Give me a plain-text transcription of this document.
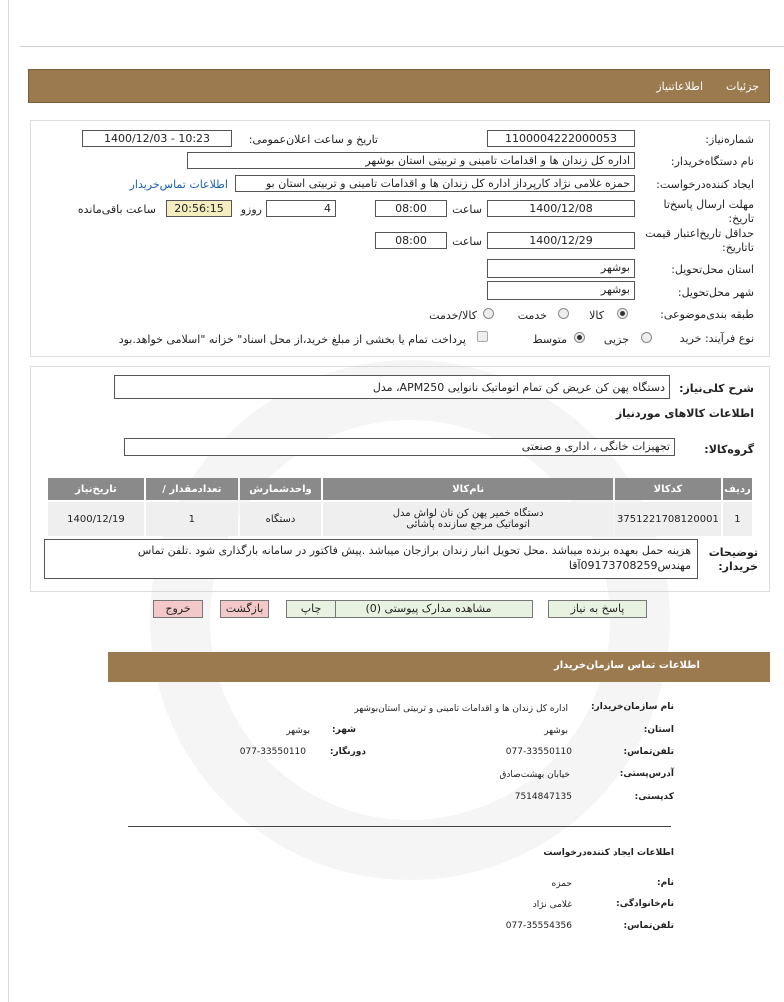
جزئیات
اطلاعاتنیاز
شماره‌نیاز:
1100004222000053
تاریخ و ساعت اعلان‌عمومی:
1400/12/03 - 10:23
نام دستگاه‌خریدار:
اداره کل زندان ها و اقدامات تامینی و تربیتی استان بوشهر
ایجاد کننده‌درخواست:
حمزه غلامی نژاد کارپرداز اداره کل زندان ها و اقدامات تامینی و تربیتی استان بو
اطلاعات تماس‌خریدار
مهلت ارسال پاسخ‌تا تاریخ:
1400/12/08
ساعت
08:00
4
روزو
20:56:15
ساعت باقی‌مانده
حداقل تاریخ‌اعتبار قیمت تا‌تاریخ:
1400/12/29
ساعت
08:00
استان محل‌تحویل:
بوشهر
شهر محل‌تحویل:
بوشهر
طبقه بندی‌موضوعی:
کالا
خدمت
کالا/خدمت
نوع فرآیند: خرید
جزیی
متوسط
پرداخت تمام یا بخشی از مبلغ خرید،از محل اسناد" خزانه "اسلامی خواهد.بود
شرح کلی‌نیاز:
دستگاه پهن کن عریض کن تمام اتوماتیک نانوایی APM250، مدل
اطلاعات کالاهای موردنیاز
گروه‌کالا:
تجهیزات خانگی ، اداری و صنعتی
ردیف	کدکالا	نام‌کالا	واحدشمارش	تعدادمقدار /	تاریخ‌نیاز
1	3751221708120001	دستگاه خمیر پهن کن نان لواش مدل اتوماتیک مرجع سازنده پاشائی	دستگاه	1	1400/12/19
توضیحات خریدار:
هزینه حمل بعهده برنده میباشد .محل تحویل انبار زندان برازجان میباشد .پیش فاکتور در سامانه بارگذاری شود .تلفن تماس مهندس09173708259آقا
پاسخ به نیاز
مشاهده مدارک پیوستی (0)
چاپ
بازگشت
خروج
اطلاعات تماس سازمان‌خریدار
نام سازمان‌خریدار:
اداره کل زندان ها و اقدامات تامینی و تربیتی استان‌بوشهر
استان:
بوشهر
شهر:
بوشهر
تلفن‌تماس:
077-33550110
دورنگار:
077-33550110
آدرس‌پستی:
خیابان بهشت‌صادق
کد‌پستی:
7514847135
اطلاعات ایجاد کننده‌درخواست
نام:
حمزه
نام‌خانوادگی:
غلامی نژاد
تلفن‌تماس:
077-35554356
